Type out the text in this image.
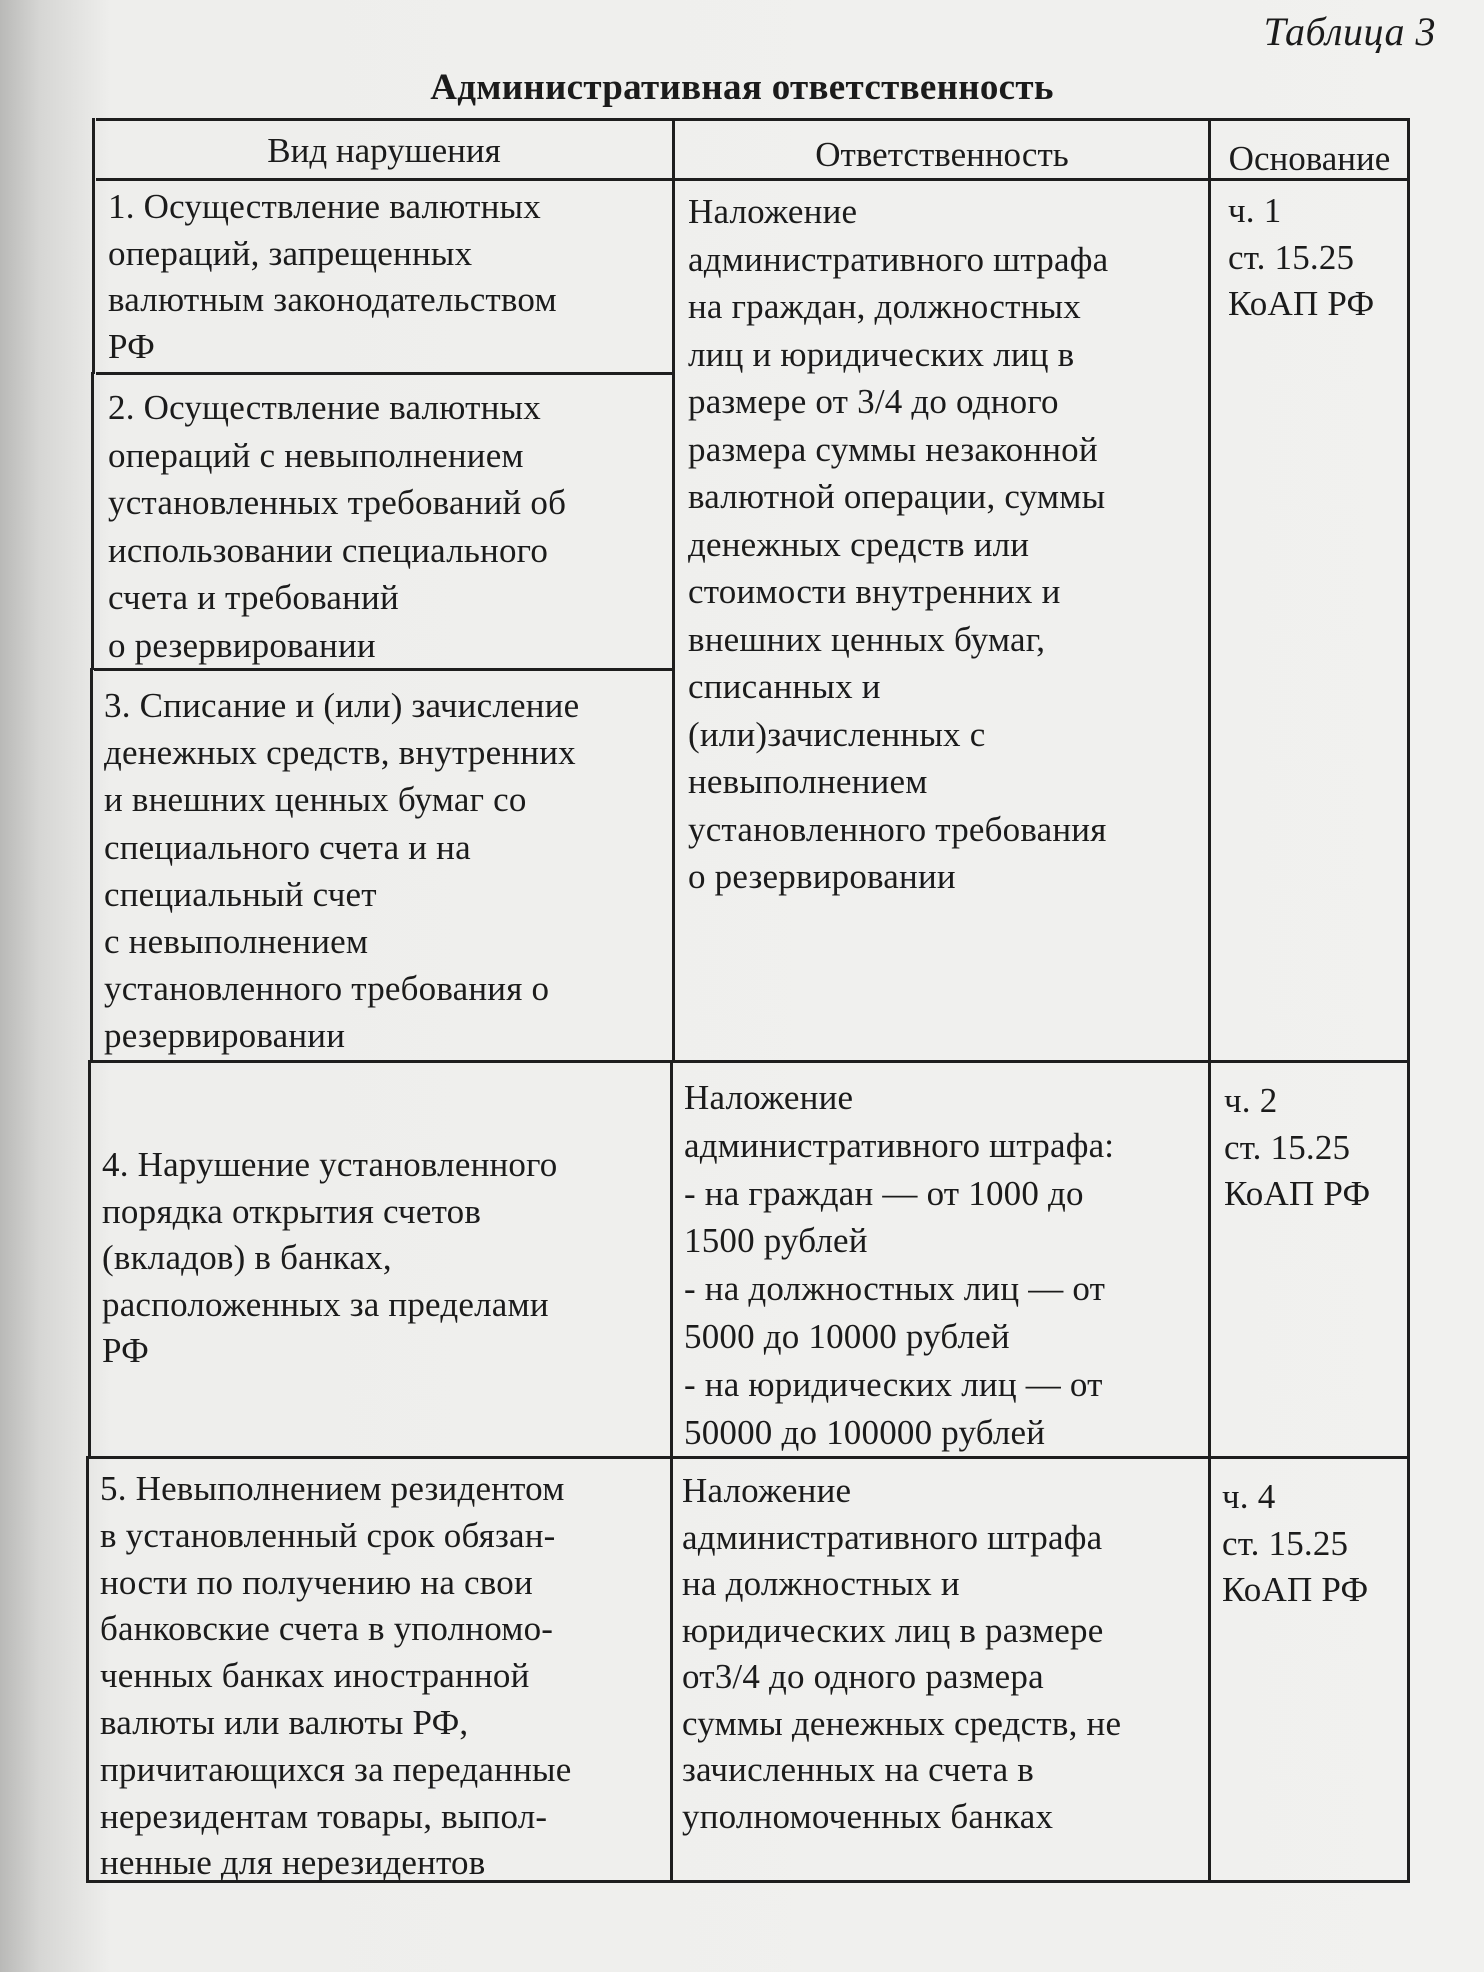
Таблица 3
Административная ответственность
Вид нарушения	Ответственность	Основание
1. Осуществление валютных
операций, запрещенных
валютным законодательством
РФ
Наложение
административного штрафа
на граждан, должностных
лиц и юридических лиц в
размере от 3/4 до одного
размера суммы незаконной
валютной операции, суммы
денежных средств или
стоимости внутренних и
внешних ценных бумаг,
списанных и
(или)зачисленных с
невыполнением
установленного требования
о резервировании
ч. 1
ст. 15.25
КоАП РФ
2. Осуществление валютных
операций с невыполнением
установленных требований об
использовании специального
счета и требований
о резервировании
3. Списание и (или) зачисление
денежных средств, внутренних
и внешних ценных бумаг со
специального счета и на
специальный счет
с невыполнением
установленного требования о
резервировании
4. Нарушение установленного
порядка открытия счетов
(вкладов) в банках,
расположенных за пределами
РФ
Наложение
административного штрафа:
- на граждан — от 1000 до
1500 рублей
- на должностных лиц — от
5000 до 10000 рублей
- на юридических лиц — от
50000 до 100000 рублей
ч. 2
ст. 15.25
КоАП РФ
5. Невыполнением резидентом
в установленный срок обязан-
ности по получению на свои
банковские счета в уполномо-
ченных банках иностранной
валюты или валюты РФ,
причитающихся за переданные
нерезидентам товары, выпол-
ненные для нерезидентов
Наложение
административного штрафа
на должностных и
юридических лиц в размере
от3/4 до одного размера
суммы денежных средств, не
зачисленных на счета в
уполномоченных банках
ч. 4
ст. 15.25
КоАП РФ
